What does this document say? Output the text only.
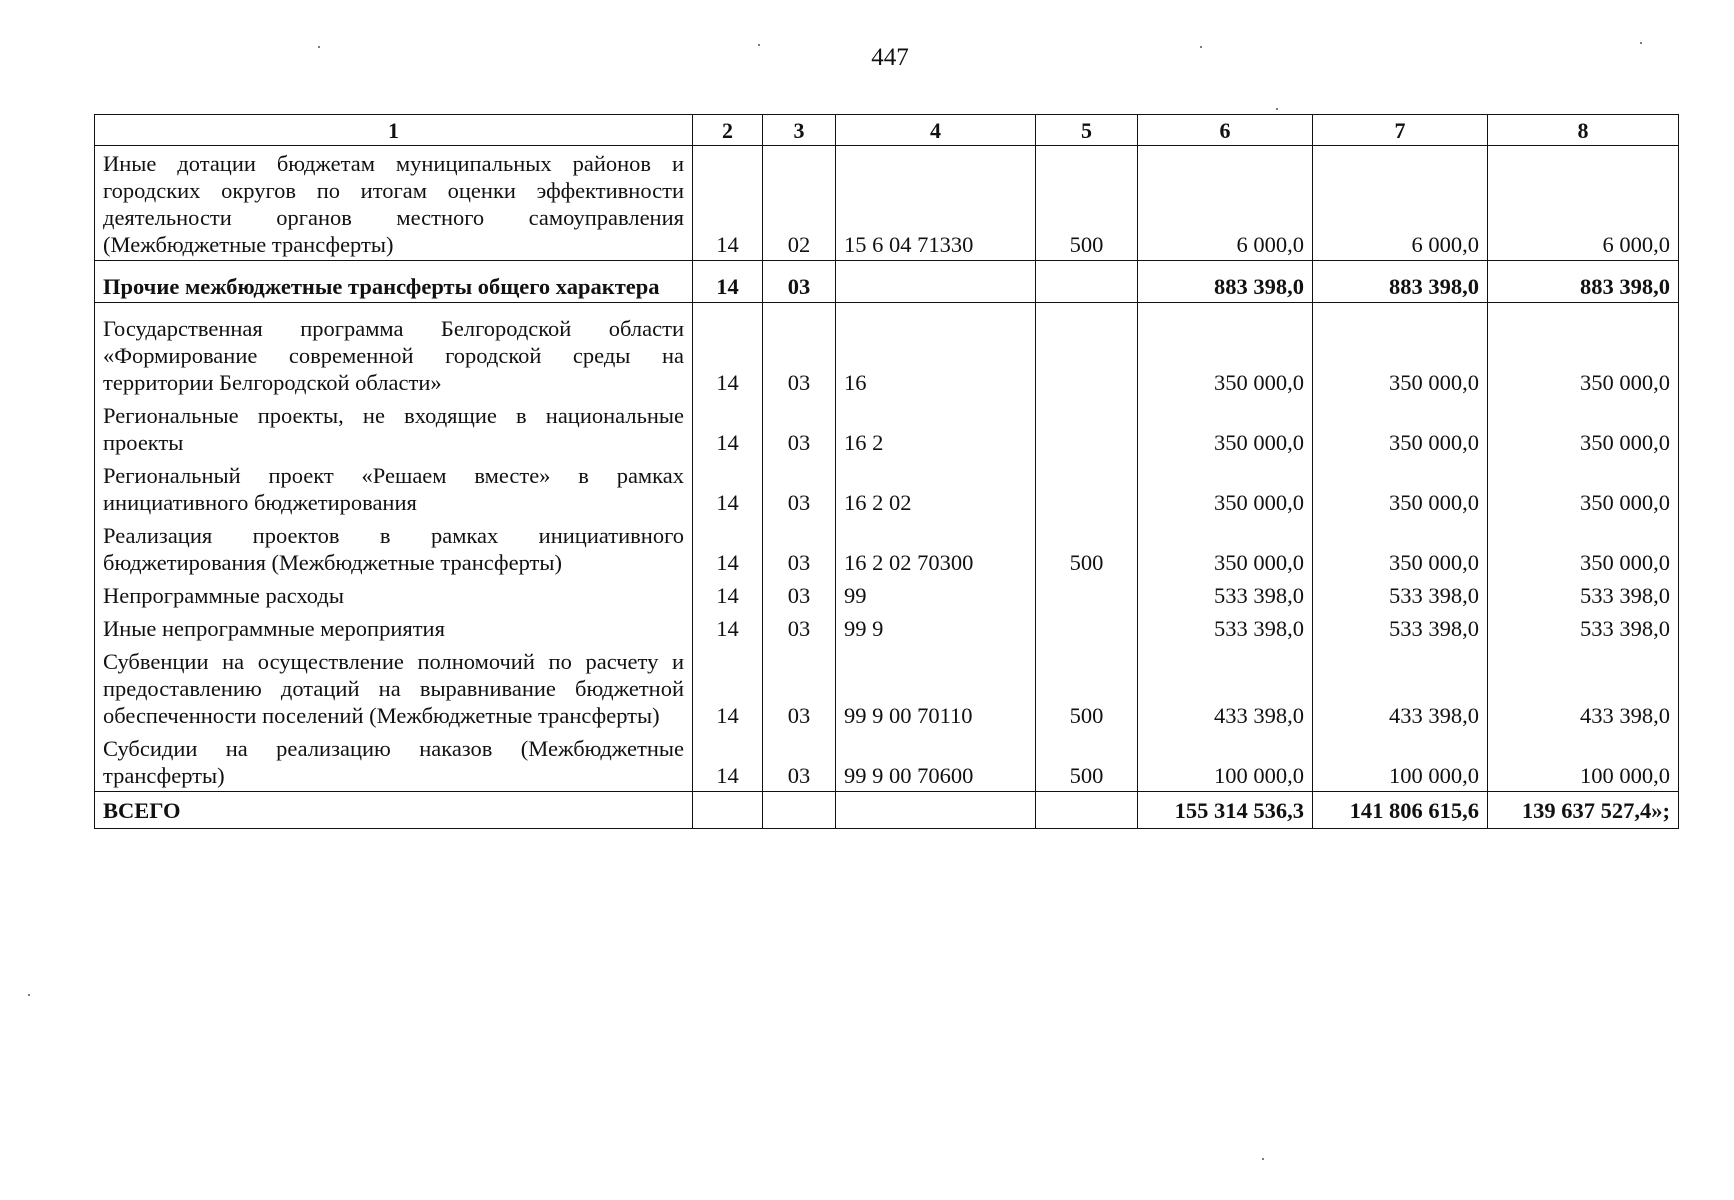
447
1	2	3	4	5	6	7	8
Иные дотации бюджетам муниципальных районов и городских округов по итогам оценки эффективности деятельности органов местного самоуправления (Межбюджетные трансферты)	14	02	15 6 04 71330	500	6 000,0	6 000,0	6 000,0
Прочие межбюджетные трансферты общего характера	14	03			883 398,0	883 398,0	883 398,0
Государственная программа Белгородской области «Формирование современной городской среды на территории Белгородской области»	14	03	16		350 000,0	350 000,0	350 000,0
Региональные проекты, не входящие в национальные проекты	14	03	16 2		350 000,0	350 000,0	350 000,0
Региональный проект «Решаем вместе» в рамках инициативного бюджетирования	14	03	16 2 02		350 000,0	350 000,0	350 000,0
Реализация проектов в рамках инициативного бюджетирования (Межбюджетные трансферты)	14	03	16 2 02 70300	500	350 000,0	350 000,0	350 000,0
Непрограммные расходы	14	03	99		533 398,0	533 398,0	533 398,0
Иные непрограммные мероприятия	14	03	99 9		533 398,0	533 398,0	533 398,0
Субвенции на осуществление полномочий по расчету и предоставлению дотаций на выравнивание бюджетной обеспеченности поселений (Межбюджетные трансферты)	14	03	99 9 00 70110	500	433 398,0	433 398,0	433 398,0
Субсидии на реализацию наказов (Межбюджетные трансферты)	14	03	99 9 00 70600	500	100 000,0	100 000,0	100 000,0
ВСЕГО					155 314 536,3	141 806 615,6	139 637 527,4»;
